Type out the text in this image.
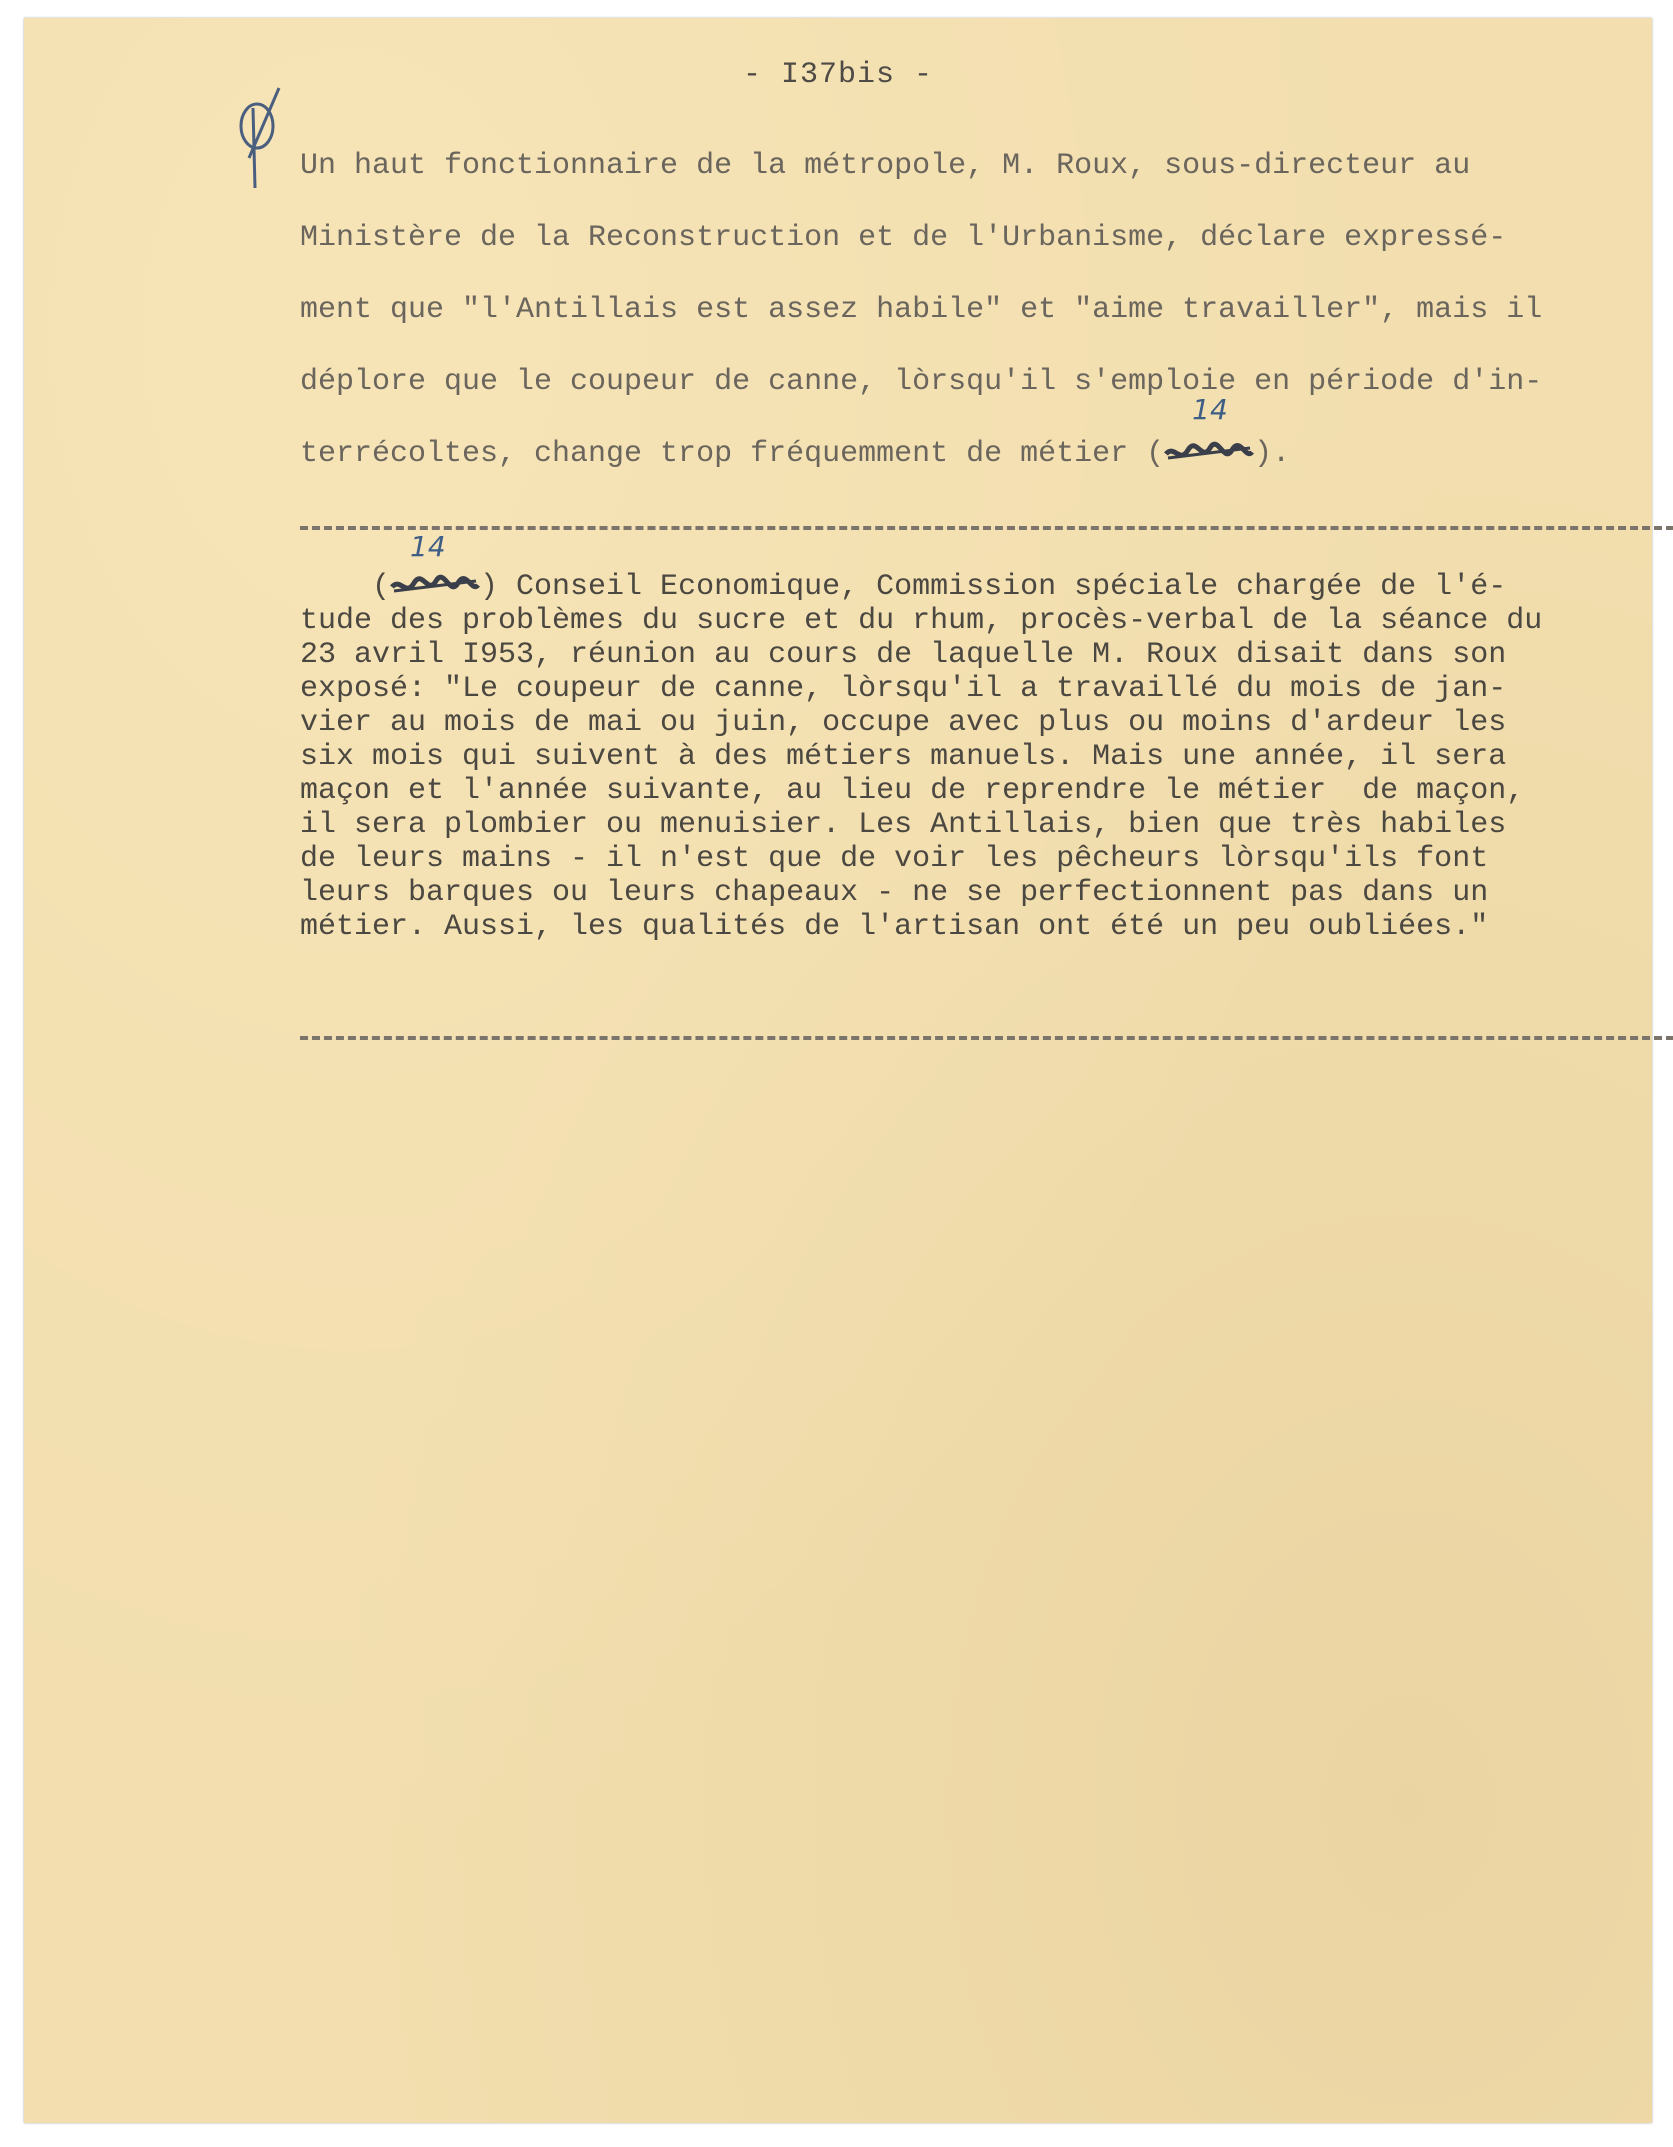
- I37bis -
Un haut fonctionnaire de la métropole, M. Roux, sous-directeur au
Ministère de la Reconstruction et de l'Urbanisme, déclare expressé-
ment que "l'Antillais est assez habile" et "aime travailler", mais il
déplore que le coupeur de canne, lòrsqu'il s'emploie en période d'in-
terrécoltes, change trop fréquemment de métier (
14
).
(
14
) Conseil Economique, Commission spéciale chargée de l'é-
tude des problèmes du sucre et du rhum, procès-verbal de la séance du
23 avril I953, réunion au cours de laquelle M. Roux disait dans son
exposé: "Le coupeur de canne, lòrsqu'il a travaillé du mois de jan-
vier au mois de mai ou juin, occupe avec plus ou moins d'ardeur les
six mois qui suivent à des métiers manuels. Mais une année, il sera
maçon et l'année suivante, au lieu de reprendre le métier  de maçon,
il sera plombier ou menuisier. Les Antillais, bien que très habiles
de leurs mains - il n'est que de voir les pêcheurs lòrsqu'ils font
leurs barques ou leurs chapeaux - ne se perfectionnent pas dans un
métier. Aussi, les qualités de l'artisan ont été un peu oubliées."
